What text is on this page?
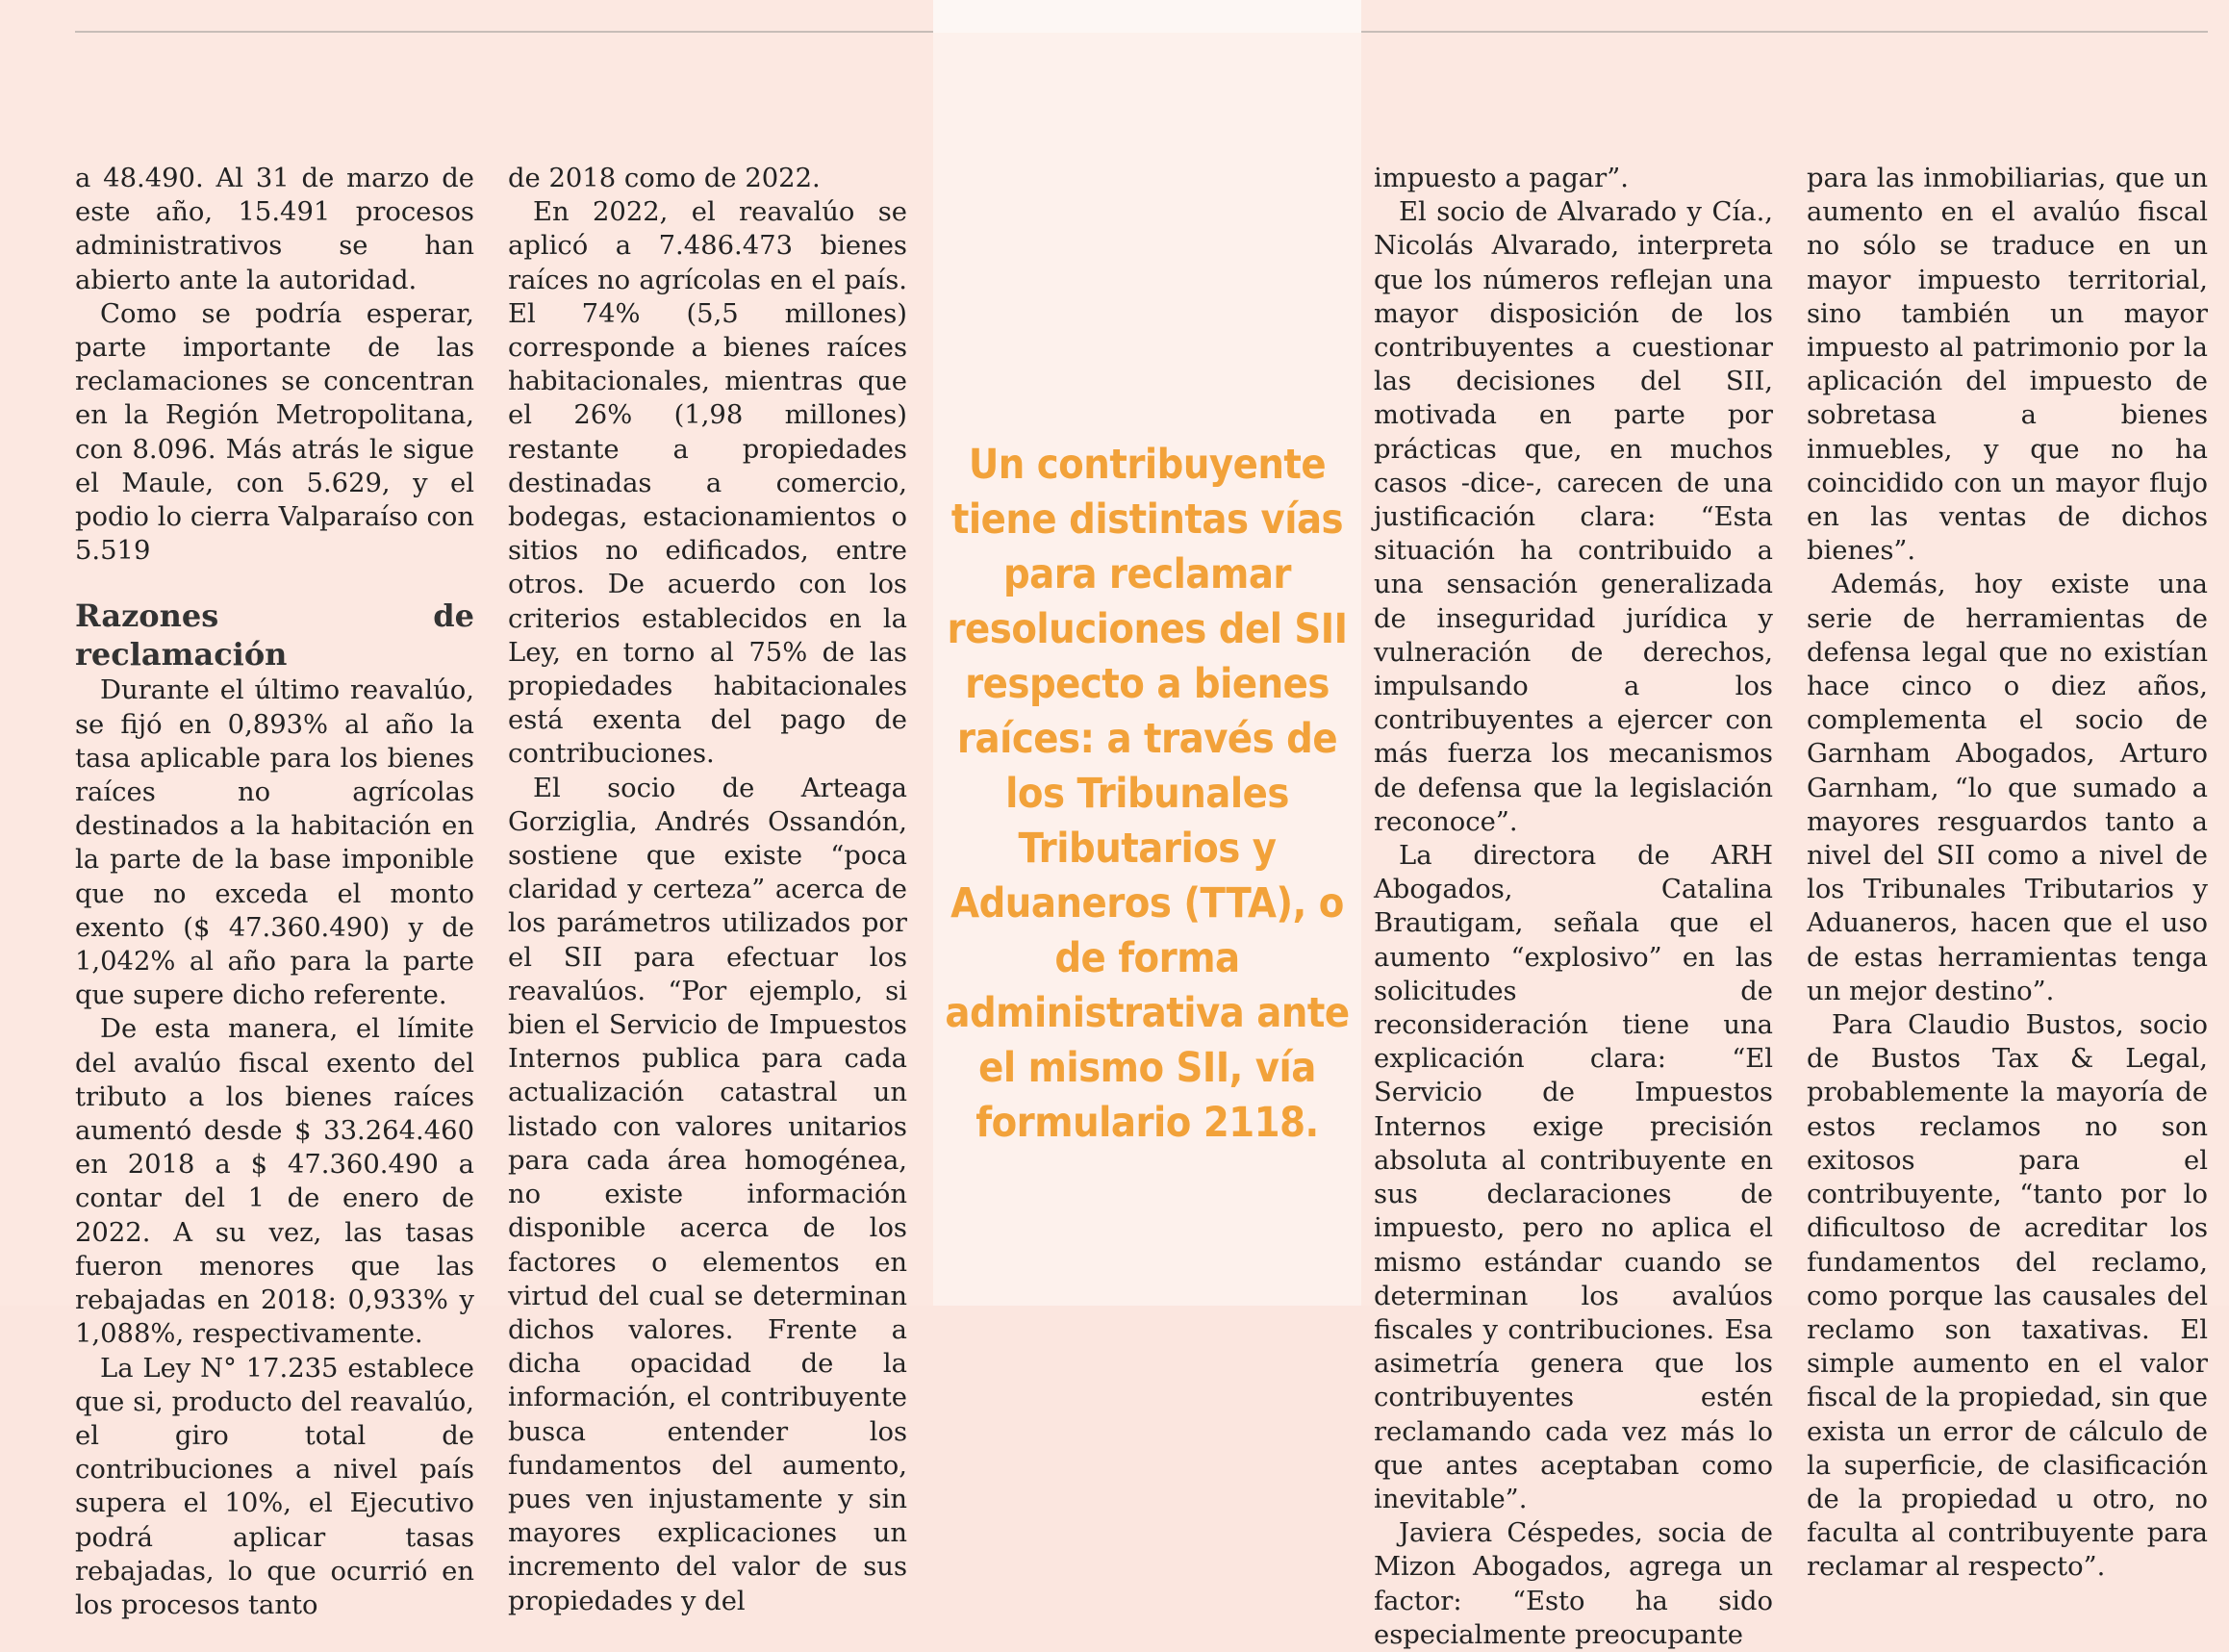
a 48.490. Al 31 de marzo de este año, 15.491 procesos administrativos se han abierto ante la autoridad.

Como se podría esperar, parte importante de las reclamaciones se concentran en la Región Metropolitana, con 8.096. Más atrás le sigue el Maule, con 5.629, y el podio lo cierra Valparaíso con 5.519

Razones de reclamación

Durante el último reavalúo, se fijó en 0,893% al año la tasa aplicable para los bienes raíces no agrícolas destinados a la habitación en la parte de la base imponible que no exceda el monto exento ($ 47.360.490) y de 1,042% al año para la parte que supere dicho referente.

De esta manera, el límite del avalúo fiscal exento del tributo a los bienes raíces aumentó desde $ 33.264.460 en 2018 a $ 47.360.490 a contar del 1 de enero de 2022. A su vez, las tasas fueron menores que las rebajadas en 2018: 0,933% y 1,088%, respectivamente.

La Ley N° 17.235 establece que si, producto del reavalúo, el giro total de contribuciones a nivel país supera el 10%, el Ejecutivo podrá aplicar tasas rebajadas, lo que ocurrió en los procesos tanto

de 2018 como de 2022.

En 2022, el reavalúo se aplicó a 7.486.473 bienes raíces no agrícolas en el país. El 74% (5,5 millones) corresponde a bienes raíces habitacionales, mientras que el 26% (1,98 millones) restante a propiedades destinadas a comercio, bodegas, estacionamientos o sitios no edificados, entre otros. De acuerdo con los criterios establecidos en la Ley, en torno al 75% de las propiedades habitacionales está exenta del pago de contribuciones.

El socio de Arteaga Gorziglia, Andrés Ossandón, sostiene que existe “poca claridad y certeza” acerca de los parámetros utilizados por el SII para efectuar los reavalúos. “Por ejemplo, si bien el Servicio de Impuestos Internos publica para cada actualización catastral un listado con valores unitarios para cada área homogénea, no existe información disponible acerca de los factores o elementos en virtud del cual se determinan dichos valores. Frente a dicha opacidad de la información, el contribuyente busca entender los fundamentos del aumento, pues ven injustamente y sin mayores explicaciones un incremento del valor de sus propiedades y del

Un contribuyente tiene distintas vías para reclamar resoluciones del SII respecto a bienes raíces: a través de los Tribunales Tributarios y Aduaneros (TTA), o de forma administrativa ante el mismo SII, vía formulario 2118.

impuesto a pagar”.

El socio de Alvarado y Cía., Nicolás Alvarado, interpreta que los números reflejan una mayor disposición de los contribuyentes a cuestionar las decisiones del SII, motivada en parte por prácticas que, en muchos casos -dice-, carecen de una justificación clara: “Esta situación ha contribuido a una sensación generalizada de inseguridad jurídica y vulneración de derechos, impulsando a los contribuyentes a ejercer con más fuerza los mecanismos de defensa que la legislación reconoce”.

La directora de ARH Abogados, Catalina Brautigam, señala que el aumento “explosivo” en las solicitudes de reconsideración tiene una explicación clara: “El Servicio de Impuestos Internos exige precisión absoluta al contribuyente en sus declaraciones de impuesto, pero no aplica el mismo estándar cuando se determinan los avalúos fiscales y contribuciones. Esa asimetría genera que los contribuyentes estén reclamando cada vez más lo que antes aceptaban como inevitable”.

Javiera Céspedes, socia de Mizon Abogados, agrega un factor: “Esto ha sido especialmente preocupante

para las inmobiliarias, que un aumento en el avalúo fiscal no sólo se traduce en un mayor impuesto territorial, sino también un mayor impuesto al patrimonio por la aplicación del impuesto de sobretasa a bienes inmuebles, y que no ha coincidido con un mayor flujo en las ventas de dichos bienes”.

Además, hoy existe una serie de herramientas de defensa legal que no existían hace cinco o diez años, complementa el socio de Garnham Abogados, Arturo Garnham, “lo que sumado a mayores resguardos tanto a nivel del SII como a nivel de los Tribunales Tributarios y Aduaneros, hacen que el uso de estas herramientas tenga un mejor destino”.

Para Claudio Bustos, socio de Bustos Tax & Legal, probablemente la mayoría de estos reclamos no son exitosos para el contribuyente, “tanto por lo dificultoso de acreditar los fundamentos del reclamo, como porque las causales del reclamo son taxativas. El simple aumento en el valor fiscal de la propiedad, sin que exista un error de cálculo de la superficie, de clasificación de la propiedad u otro, no faculta al contribuyente para reclamar al respecto”.
